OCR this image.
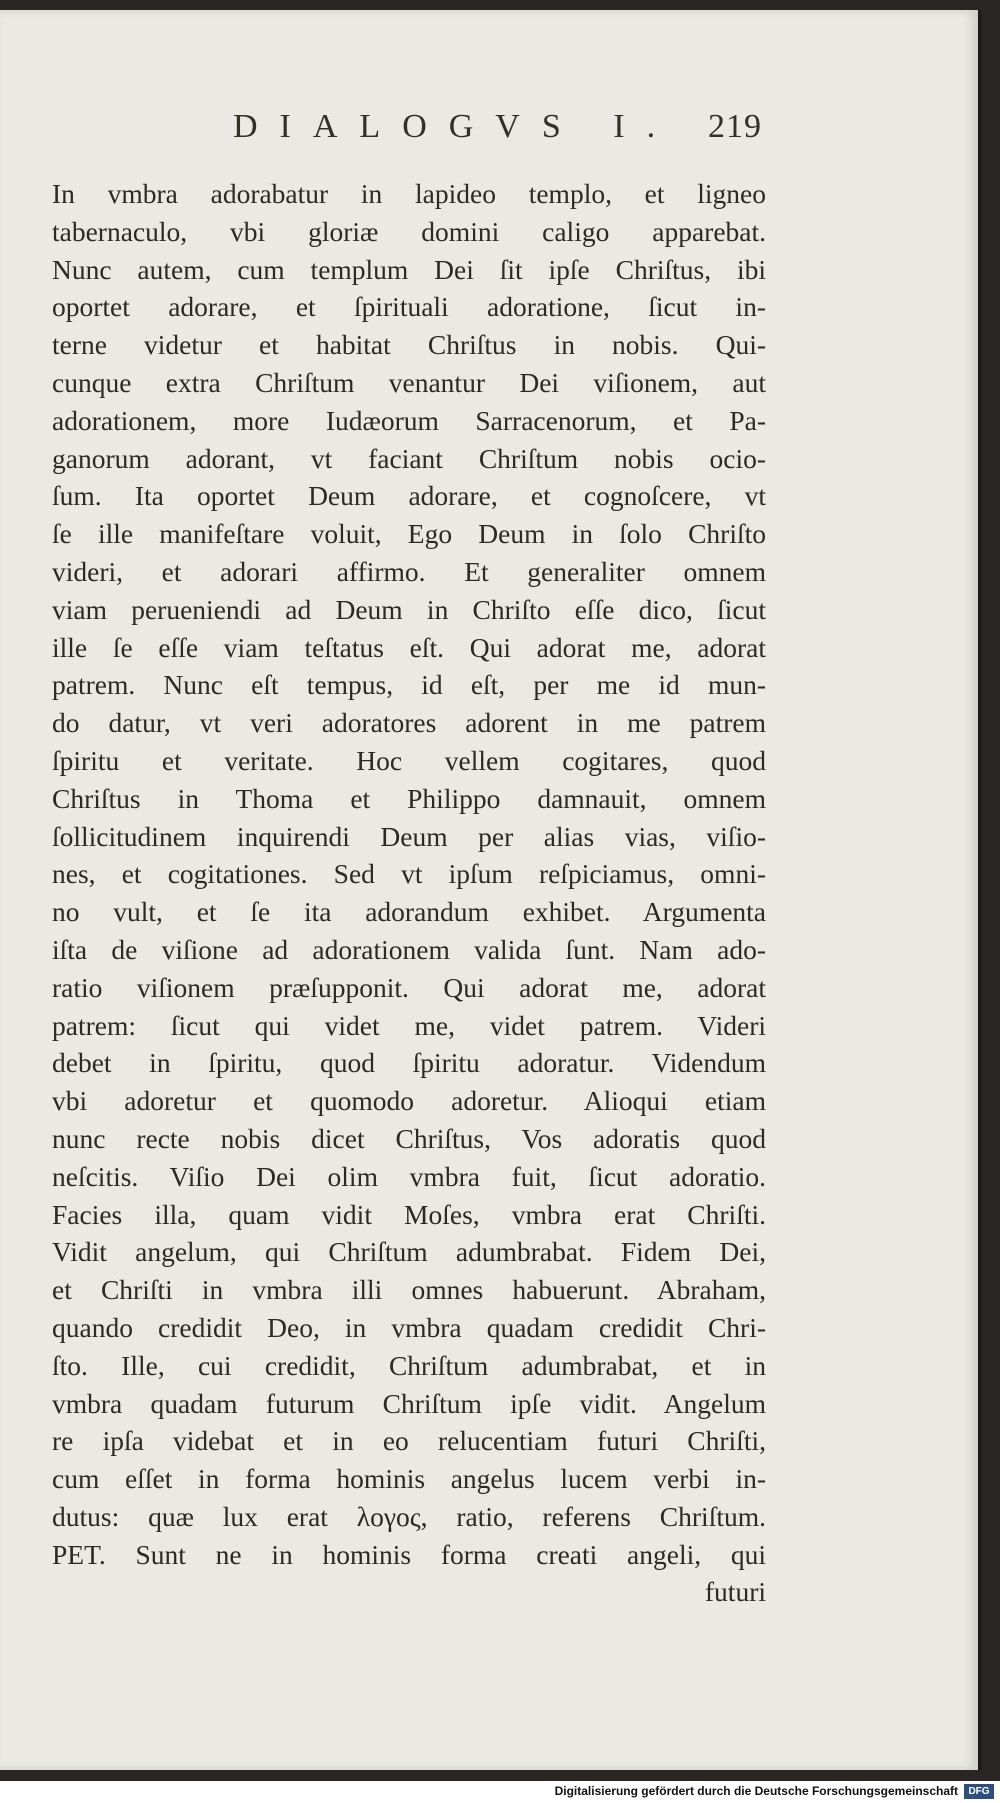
DIALOGVS I. 219
In vmbra adorabatur in lapideo templo, et ligneo
tabernaculo, vbi gloriæ domini caligo apparebat.
Nunc autem, cum templum Dei ſit ipſe Chriſtus, ibi
oportet adorare, et ſpirituali adoratione, ſicut in-
terne videtur et habitat Chriſtus in nobis. Qui-
cunque extra Chriſtum venantur Dei viſionem, aut
adorationem, more Iudæorum Sarracenorum, et Pa-
ganorum adorant, vt faciant Chriſtum nobis ocio-
ſum. Ita oportet Deum adorare, et cognoſcere, vt
ſe ille manifeſtare voluit, Ego Deum in ſolo Chriſto
videri, et adorari affirmo. Et generaliter omnem
viam perueniendi ad Deum in Chriſto eſſe dico, ſicut
ille ſe eſſe viam teſtatus eſt. Qui adorat me, adorat
patrem. Nunc eſt tempus, id eſt, per me id mun-
do datur, vt veri adoratores adorent in me patrem
ſpiritu et veritate. Hoc vellem cogitares, quod
Chriſtus in Thoma et Philippo damnauit, omnem
ſollicitudinem inquirendi Deum per alias vias, viſio-
nes, et cogitationes. Sed vt ipſum reſpiciamus, omni-
no vult, et ſe ita adorandum exhibet. Argumenta
iſta de viſione ad adorationem valida ſunt. Nam ado-
ratio viſionem præſupponit. Qui adorat me, adorat
patrem: ſicut qui videt me, videt patrem. Videri
debet in ſpiritu, quod ſpiritu adoratur. Videndum
vbi adoretur et quomodo adoretur. Alioqui etiam
nunc recte nobis dicet Chriſtus, Vos adoratis quod
neſcitis. Viſio Dei olim vmbra fuit, ſicut adoratio.
Facies illa, quam vidit Moſes, vmbra erat Chriſti.
Vidit angelum, qui Chriſtum adumbrabat. Fidem Dei,
et Chriſti in vmbra illi omnes habuerunt. Abraham,
quando credidit Deo, in vmbra quadam credidit Chri-
ſto. Ille, cui credidit, Chriſtum adumbrabat, et in
vmbra quadam futurum Chriſtum ipſe vidit. Angelum
re ipſa videbat et in eo relucentiam futuri Chriſti,
cum eſſet in forma hominis angelus lucem verbi in-
dutus: quæ lux erat λογος, ratio, referens Chriſtum.
PET. Sunt ne in hominis forma creati angeli, qui
futuri
Digitalisierung gefördert durch die Deutsche Forschungsgemeinschaft	DFG
